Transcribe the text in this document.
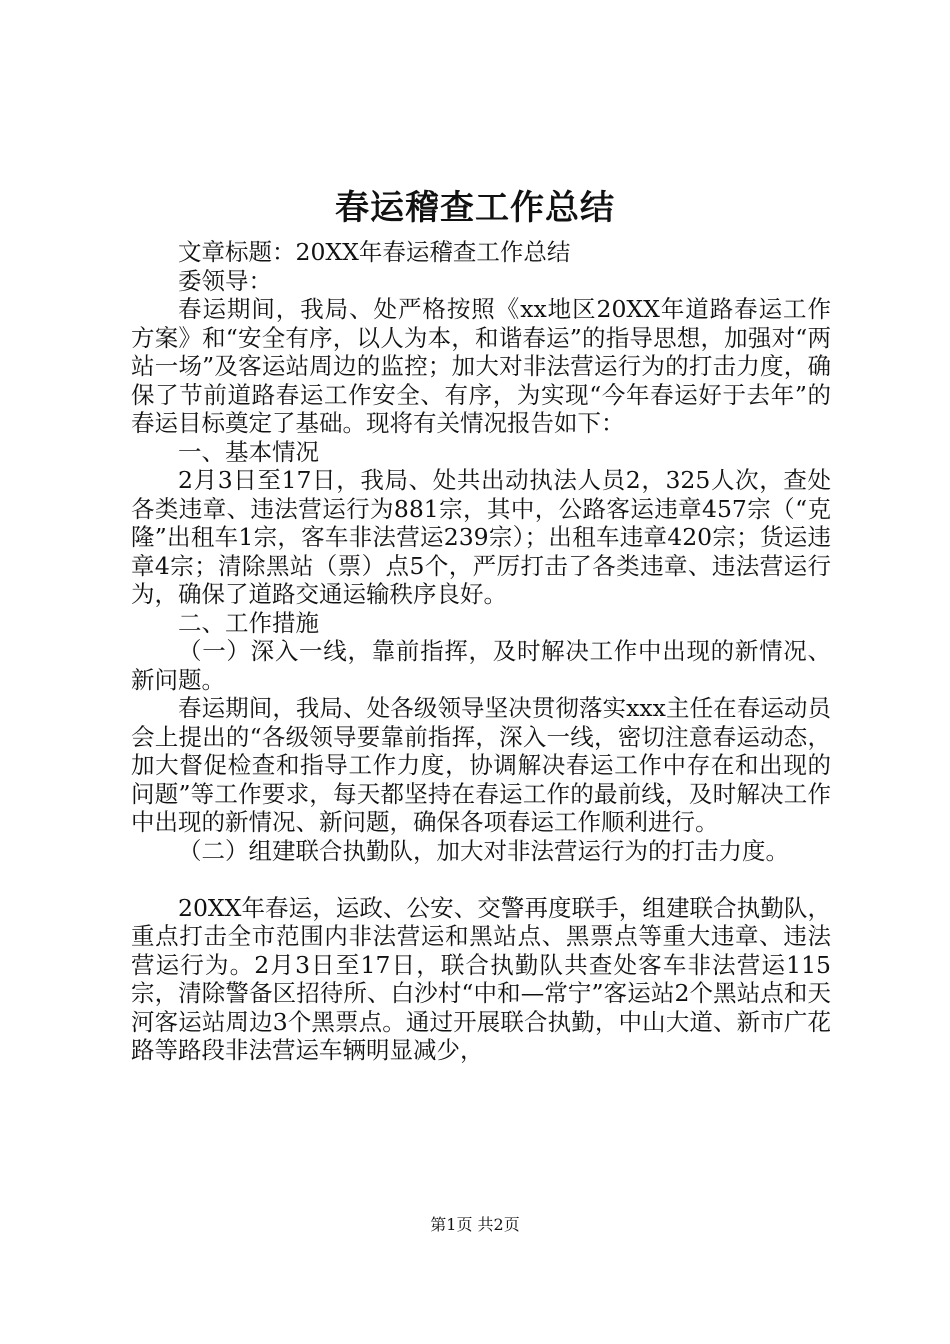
春运稽查工作总结

文章标题：20XX年春运稽查工作总结

委领导：

春运期间，我局、处严格按照《xx地区20XX年道路春运工作方案》和“安全有序，以人为本，和谐春运”的指导思想，加强对“两站一场”及客运站周边的监控；加大对非法营运行为的打击力度，确保了节前道路春运工作安全、有序，为实现“今年春运好于去年”的春运目标奠定了基础。现将有关情况报告如下：

一、基本情况

2月3日至17日，我局、处共出动执法人员2，325人次，查处各类违章、违法营运行为881宗，其中，公路客运违章457宗（“克隆”出租车1宗，客车非法营运239宗）；出租车违章420宗；货运违章4宗；清除黑站（票）点5个，严厉打击了各类违章、违法营运行为，确保了道路交通运输秩序良好。

二、工作措施

（一）深入一线，靠前指挥，及时解决工作中出现的新情况、新问题。

春运期间，我局、处各级领导坚决贯彻落实xxx主任在春运动员会上提出的“各级领导要靠前指挥，深入一线，密切注意春运动态，加大督促检查和指导工作力度，协调解决春运工作中存在和出现的问题”等工作要求，每天都坚持在春运工作的最前线，及时解决工作中出现的新情况、新问题，确保各项春运工作顺利进行。

（二）组建联合执勤队，加大对非法营运行为的打击力度。

20XX年春运，运政、公安、交警再度联手，组建联合执勤队，重点打击全市范围内非法营运和黑站点、黑票点等重大违章、违法营运行为。2月3日至17日，联合执勤队共查处客车非法营运115宗，清除警备区招待所、白沙村“中和—常宁”客运站2个黑站点和天河客运站周边3个黑票点。通过开展联合执勤，中山大道、新市广花路等路段非法营运车辆明显减少，

第1页 共2页
